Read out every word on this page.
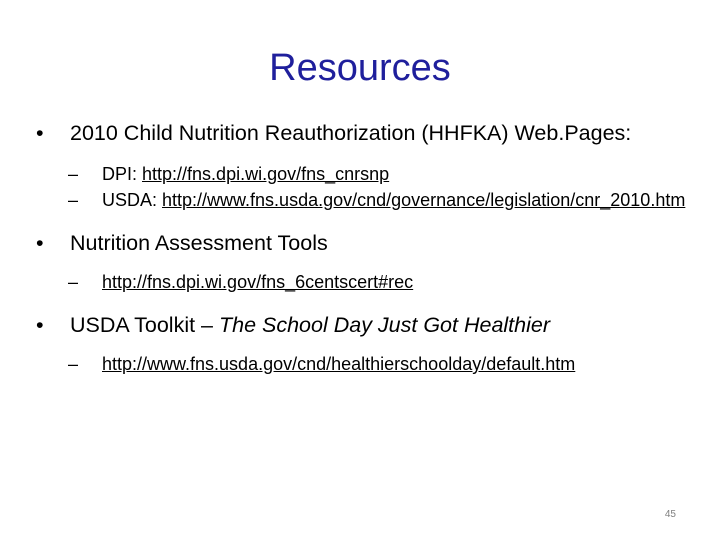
Resources
• 2010 Child Nutrition Reauthorization (HHFKA) Web.Pages:
– DPI: http://fns.dpi.wi.gov/fns_cnrsnp
– USDA: http://www.fns.usda.gov/cnd/governance/legislation/cnr_2010.htm
• Nutrition Assessment Tools
– http://fns.dpi.wi.gov/fns_6centscert#rec
• USDA Toolkit – The School Day Just Got Healthier
– http://www.fns.usda.gov/cnd/healthierschoolday/default.htm
45
